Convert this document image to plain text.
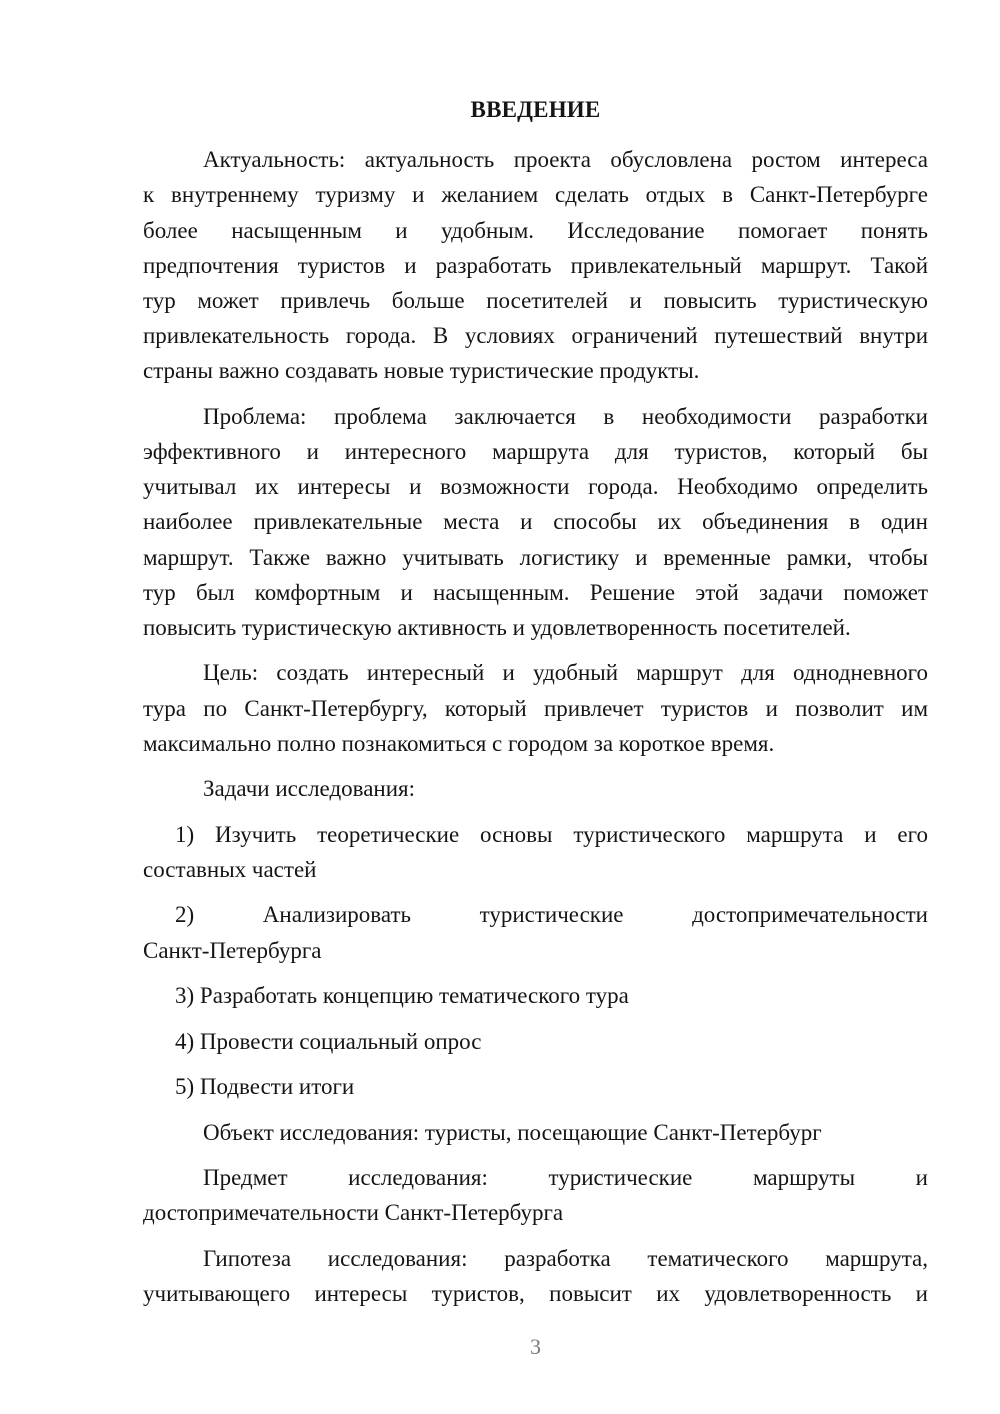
ВВЕДЕНИЕ
Актуальность: актуальность проекта обусловлена ростом интереса
к внутреннему туризму и желанием сделать отдых в Санкт-Петербурге
более насыщенным и удобным. Исследование помогает понять
предпочтения туристов и разработать привлекательный маршрут. Такой
тур может привлечь больше посетителей и повысить туристическую
привлекательность города. В условиях ограничений путешествий внутри
страны важно создавать новые туристические продукты.
Проблема: проблема заключается в необходимости разработки
эффективного и интересного маршрута для туристов, который бы
учитывал их интересы и возможности города. Необходимо определить
наиболее привлекательные места и способы их объединения в один
маршрут. Также важно учитывать логистику и временные рамки, чтобы
тур был комфортным и насыщенным. Решение этой задачи поможет
повысить туристическую активность и удовлетворенность посетителей.
Цель: создать интересный и удобный маршрут для однодневного
тура по Санкт-Петербургу, который привлечет туристов и позволит им
максимально полно познакомиться с городом за короткое время.
Задачи исследования:
1) Изучить теоретические основы туристического маршрута и его
составных частей
2) Анализировать туристические достопримечательности
Санкт-Петербурга
3) Разработать концепцию тематического тура
4) Провести социальный опрос
5) Подвести итоги
Объект исследования: туристы, посещающие Санкт-Петербург
Предмет исследования: туристические маршруты и
достопримечательности Санкт-Петербурга
Гипотеза исследования: разработка тематического маршрута,
учитывающего интересы туристов, повысит их удовлетворенность и
3
